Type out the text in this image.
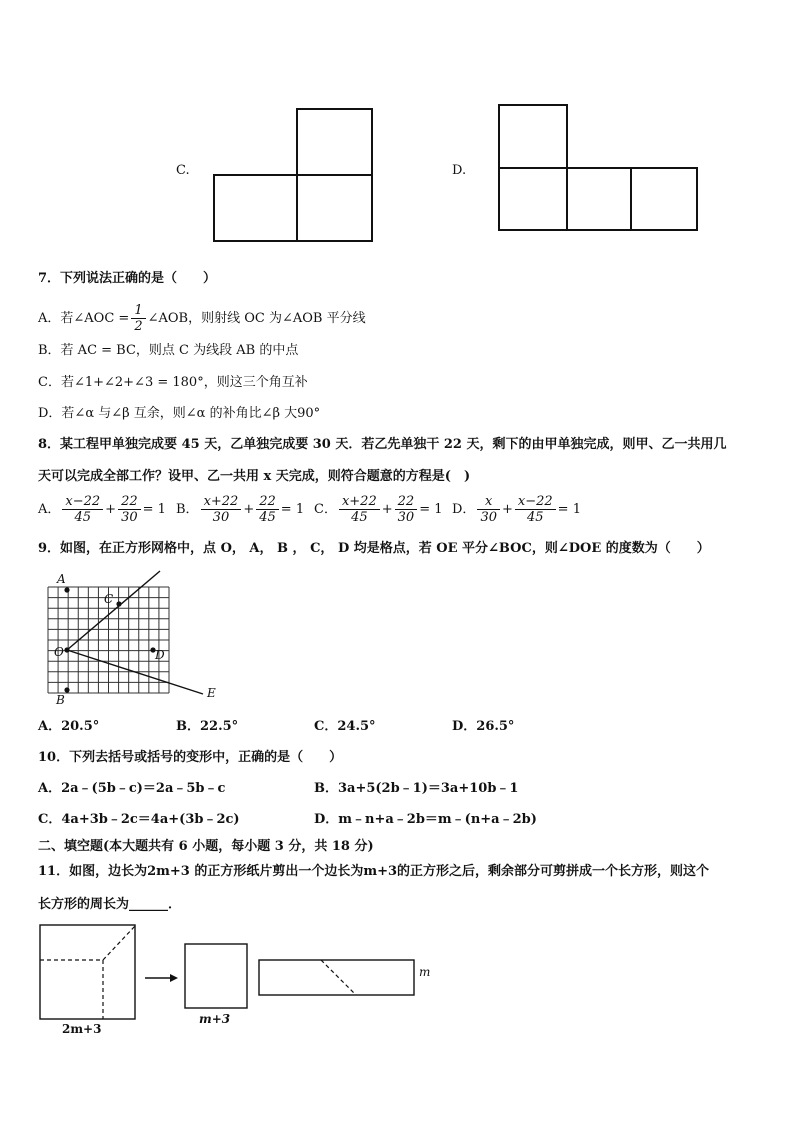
C.	D.
7．下列说法正确的是（　　）
A．若∠AOC = $\frac{1}{2}$ ∠AOB，则射线 OC 为∠AOB 平分线
B．若 AC = BC，则点 C 为线段 AB 的中点
C．若∠1+∠2+∠3 = 180°，则这三个角互补
D．若∠α 与∠β 互余，则∠α 的补角比∠β 大90°
8．某工程甲单独完成要 45 天，乙单独完成要 30 天．若乙先单独干 22 天，剩下的由甲单独完成，则甲、乙一共用几
天可以完成全部工作？设甲、乙一共用 x 天完成，则符合题意的方程是(　)
A． $\frac{x-22}{45} + \frac{22}{30} = 1$ B． $\frac{x+22}{30} + \frac{22}{45} = 1$ C． $\frac{x+22}{45} + \frac{22}{30} = 1$ D． $\frac{x}{30} + \frac{x-22}{45} = 1$
9．如图，在正方形网格中，点 O， A， B ， C， D 均是格点，若 OE 平分∠BOC，则∠DOE 的度数为（　　）
A
B
C
D
O
E
A．20.5°	B．22.5°	C．24.5°	D．26.5°
10．下列去括号或括号的变形中，正确的是（　　）
A．2a﹣(5b﹣c)＝2a﹣5b﹣c	B．3a+5(2b﹣1)＝3a+10b﹣1
C．4a+3b﹣2c＝4a+(3b﹣2c)	D．m﹣n+a﹣2b＝m﹣(n+a﹣2b)
二、填空题(本大题共有 6 小题，每小题 3 分，共 18 分)
11．如图，边长为2m+3 的正方形纸片剪出一个边长为m+3的正方形之后，剩余部分可剪拼成一个长方形，则这个
长方形的周长为______．
2m+3
m+3
m
